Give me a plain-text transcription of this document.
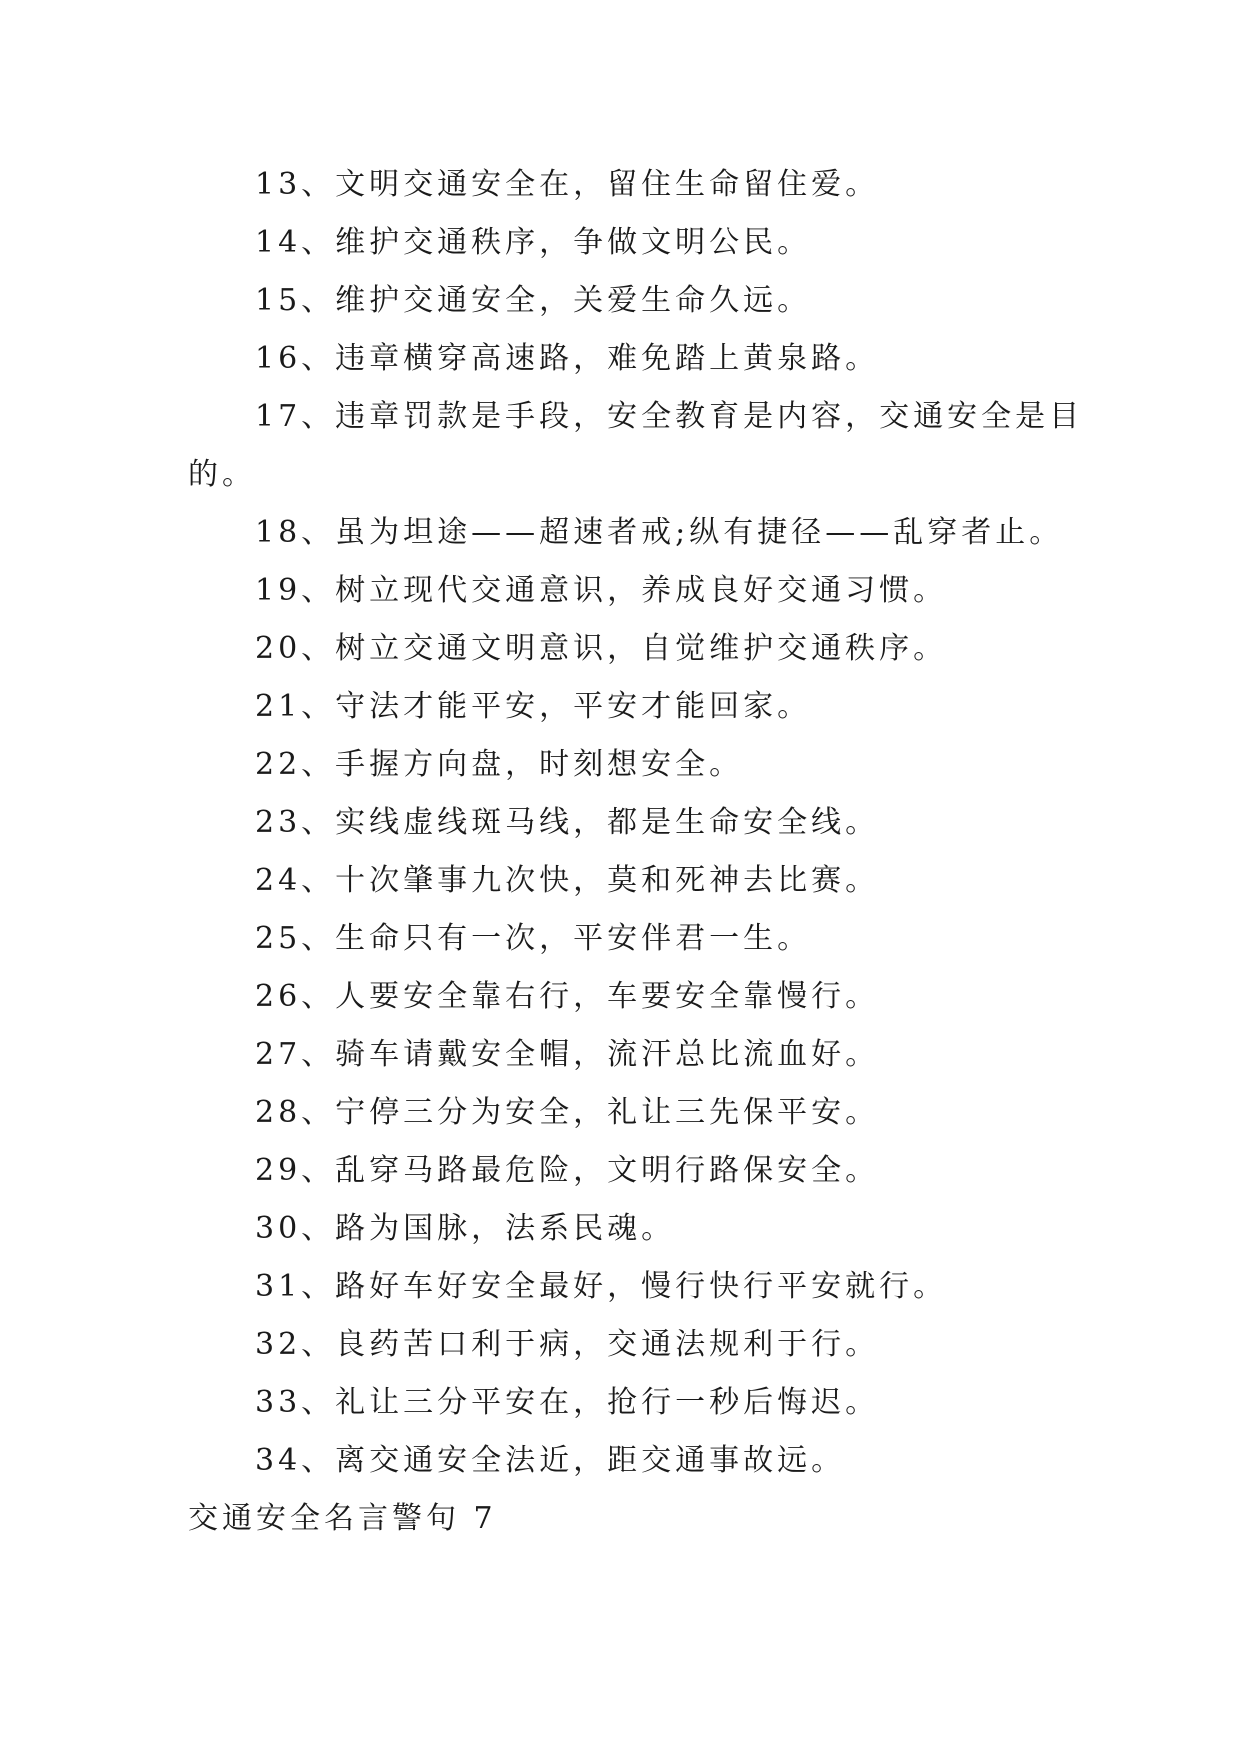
13、文明交通安全在，留住生命留住爱。
14、维护交通秩序，争做文明公民。
15、维护交通安全，关爱生命久远。
16、违章横穿高速路，难免踏上黄泉路。
17、违章罚款是手段，安全教育是内容，交通安全是目
的。
18、虽为坦途——超速者戒;纵有捷径——乱穿者止。
19、树立现代交通意识，养成良好交通习惯。
20、树立交通文明意识，自觉维护交通秩序。
21、守法才能平安，平安才能回家。
22、手握方向盘，时刻想安全。
23、实线虚线斑马线，都是生命安全线。
24、十次肇事九次快，莫和死神去比赛。
25、生命只有一次，平安伴君一生。
26、人要安全靠右行，车要安全靠慢行。
27、骑车请戴安全帽，流汗总比流血好。
28、宁停三分为安全，礼让三先保平安。
29、乱穿马路最危险，文明行路保安全。
30、路为国脉，法系民魂。
31、路好车好安全最好，慢行快行平安就行。
32、良药苦口利于病，交通法规利于行。
33、礼让三分平安在，抢行一秒后悔迟。
34、离交通安全法近，距交通事故远。
交通安全名言警句 7
